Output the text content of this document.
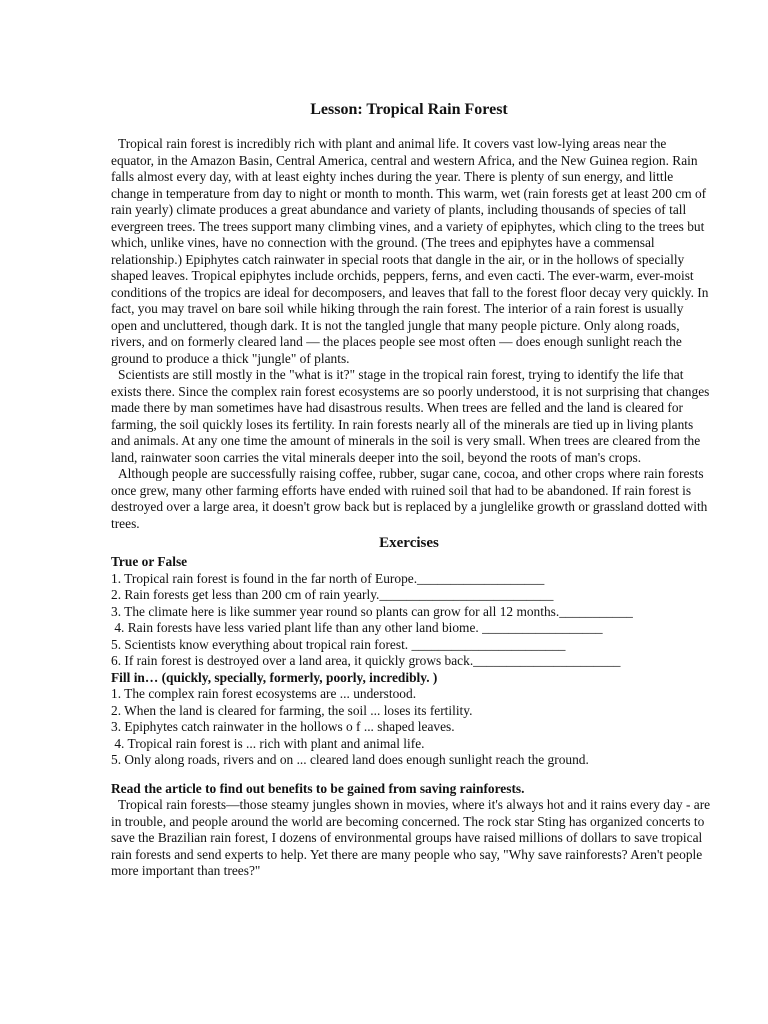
Lesson: Tropical Rain Forest

Tropical rain forest is incredibly rich with plant and animal life. It covers vast low-lying areas near the equator, in the Amazon Basin, Central America, central and western Africa, and the New Guinea region. Rain falls almost every day, with at least eighty inches during the year. There is plenty of sun energy, and little change in temperature from day to night or month to month. This warm, wet (rain forests get at least 200 cm of rain yearly) climate produces a great abundance and variety of plants, including thousands of species of tall evergreen trees. The trees support many climbing vines, and a variety of epiphytes, which cling to the trees but which, unlike vines, have no connection with the ground. (The trees and epiphytes have a commensal relationship.) Epiphytes catch rainwater in special roots that dangle in the air, or in the hollows of specially shaped leaves. Tropical epiphytes include orchids, peppers, ferns, and even cacti. The ever-warm, ever-moist conditions of the tropics are ideal for decomposers, and leaves that fall to the forest floor decay very quickly. In fact, you may travel on bare soil while hiking through the rain forest. The interior of a rain forest is usually open and uncluttered, though dark. It is not the tangled jungle that many people picture. Only along roads, rivers, and on formerly cleared land — the places people see most often — does enough sunlight reach the ground to produce a thick "jungle" of plants.

Scientists are still mostly in the "what is it?" stage in the tropical rain forest, trying to identify the life that exists there. Since the complex rain forest ecosystems are so poorly understood, it is not surprising that changes made there by man sometimes have had disastrous results. When trees are felled and the land is cleared for farming, the soil quickly loses its fertility. In rain forests nearly all of the minerals are tied up in living plants and animals. At any one time the amount of minerals in the soil is very small. When trees are cleared from the land, rainwater soon carries the vital minerals deeper into the soil, beyond the roots of man's crops.

Although people are successfully raising coffee, rubber, sugar cane, cocoa, and other crops where rain forests once grew, many other farming efforts have ended with ruined soil that had to be abandoned. If rain forest is destroyed over a large area, it doesn't grow back but is replaced by a junglelike growth or grassland dotted with trees.

Exercises
True or False
1. Tropical rain forest is found in the far north of Europe.___________________
2. Rain forests get less than 200 cm of rain yearly.__________________________
3. The climate here is like summer year round so plants can grow for all 12 months.___________
4. Rain forests have less varied plant life than any other land biome. __________________
5. Scientists know everything about tropical rain forest. _______________________
6. If rain forest is destroyed over a land area, it quickly grows back.______________________
Fill in… (quickly, specially, formerly, poorly, incredibly. )
1. The complex rain forest ecosystems are ... understood.
2. When the land is cleared for farming, the soil ... loses its fertility.
3. Epiphytes catch rainwater in the hollows o f ... shaped leaves.
4. Tropical rain forest is ... rich with plant and animal life.
5. Only along roads, rivers and on ... cleared land does enough sunlight reach the ground.
Read the article to find out benefits to be gained from saving rainforests.

Tropical rain forests—those steamy jungles shown in movies, where it's always hot and it rains every day - are in trouble, and people around the world are becoming concerned. The rock star Sting has organized concerts to save the Brazilian rain forest, I dozens of environmental groups have raised millions of dollars to save tropical rain forests and send experts to help. Yet there are many people who say, "Why save rainforests? Aren't people more important than trees?"
